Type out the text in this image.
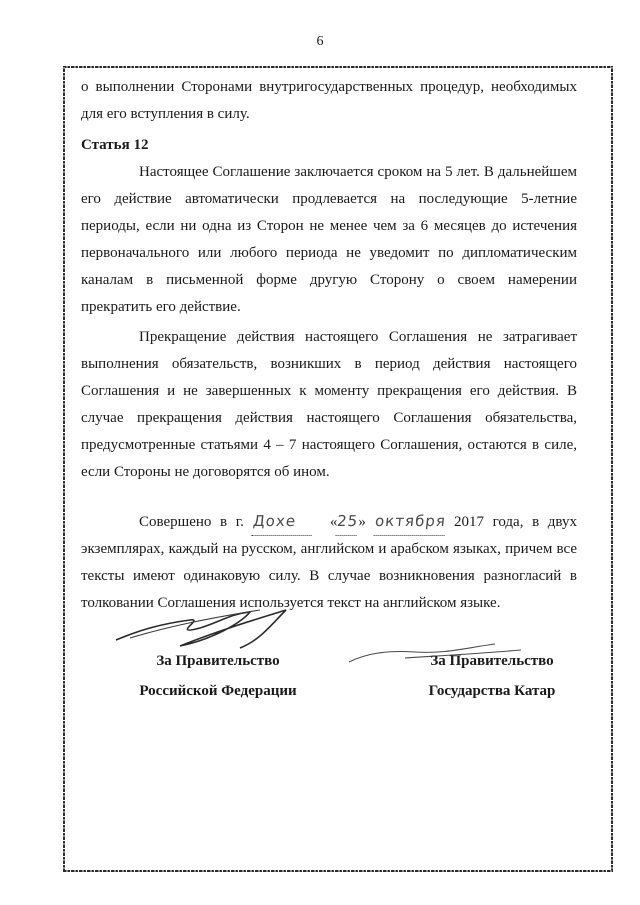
6

о выполнении Сторонами внутригосударственных процедур, необходимых для его вступления в силу.

Статья 12

Настоящее Соглашение заключается сроком на 5 лет. В дальнейшем его действие автоматически продлевается на последующие 5-летние периоды, если ни одна из Сторон не менее чем за 6 месяцев до истечения первоначального или любого периода не уведомит по дипломатическим каналам в письменной форме другую Сторону о своем намерении прекратить его действие.

Прекращение действия настоящего Соглашения не затрагивает выполнения обязательств, возникших в период действия настоящего Соглашения и не завершенных к моменту прекращения его действия. В случае прекращения действия настоящего Соглашения обязательства, предусмотренные статьями 4 – 7 настоящего Соглашения, остаются в силе, если Стороны не договорятся об ином.

Совершено в г. Дохе «25» октября 2017 года, в двух экземплярах, каждый на русском, английском и арабском языках, причем все тексты имеют одинаковую силу. В случае возникновения разногласий в толковании Соглашения используется текст на английском языке.

За Правительство
Российской Федерации
За Правительство
Государства Катар
